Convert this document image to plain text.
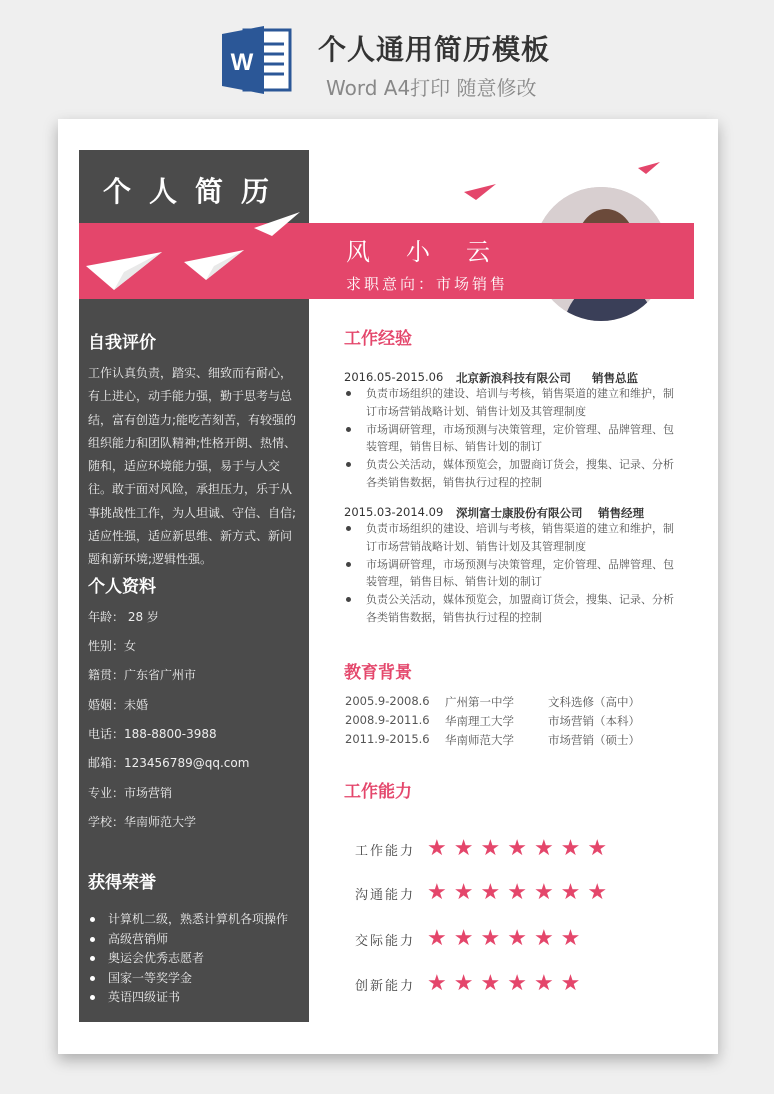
W 个人通用简历模板
Word A4打印 随意修改
个人简历
风小云
求职意向：市场销售
自我评价
工作认真负责，踏实、细致而有耐心，有上进心，动手能力强，勤于思考与总结，富有创造力;能吃苦刻苦，有较强的组织能力和团队精神;性格开朗、热情、随和，适应环境能力强，易于与人交往。敢于面对风险，承担压力，乐于从事挑战性工作，为人坦诚、守信、自信;适应性强，适应新思维、新方式、新问题和新环境;逻辑性强。
个人资料
年龄： 28 岁
性别：女
籍贯：广东省广州市
婚姻：未婚
电话：188-8800-3988
邮箱：123456789@qq.com
专业：市场营销
学校：华南师范大学
获得荣誉
计算机二级，熟悉计算机各项操作
高级营销师
奥运会优秀志愿者
国家一等奖学金
英语四级证书
工作经验
2016.05-2015.06 北京新浪科技有限公司 销售总监
负责市场组织的建设、培训与考核，销售渠道的建立和维护，制订市场营销战略计划、销售计划及其管理制度
市场调研管理，市场预测与决策管理，定价管理、品牌管理、包装管理，销售目标、销售计划的制订
负责公关活动，媒体预览会，加盟商订货会，搜集、记录、分析各类销售数据，销售执行过程的控制
2015.03-2014.09 深圳富士康股份有限公司 销售经理
负责市场组织的建设、培训与考核，销售渠道的建立和维护，制订市场营销战略计划、销售计划及其管理制度
市场调研管理，市场预测与决策管理，定价管理、品牌管理、包装管理，销售目标、销售计划的制订
负责公关活动，媒体预览会，加盟商订货会，搜集、记录、分析各类销售数据，销售执行过程的控制
教育背景
2005.9-2008.6 广州第一中学	文科选修（高中）
2008.9-2011.6 华南理工大学	市场营销（本科）
2011.9-2015.6 华南师范大学	市场营销（硕士）
工作能力
工作能力 ★★★★★★★
沟通能力 ★★★★★★★
交际能力 ★★★★★★
创新能力 ★★★★★★
